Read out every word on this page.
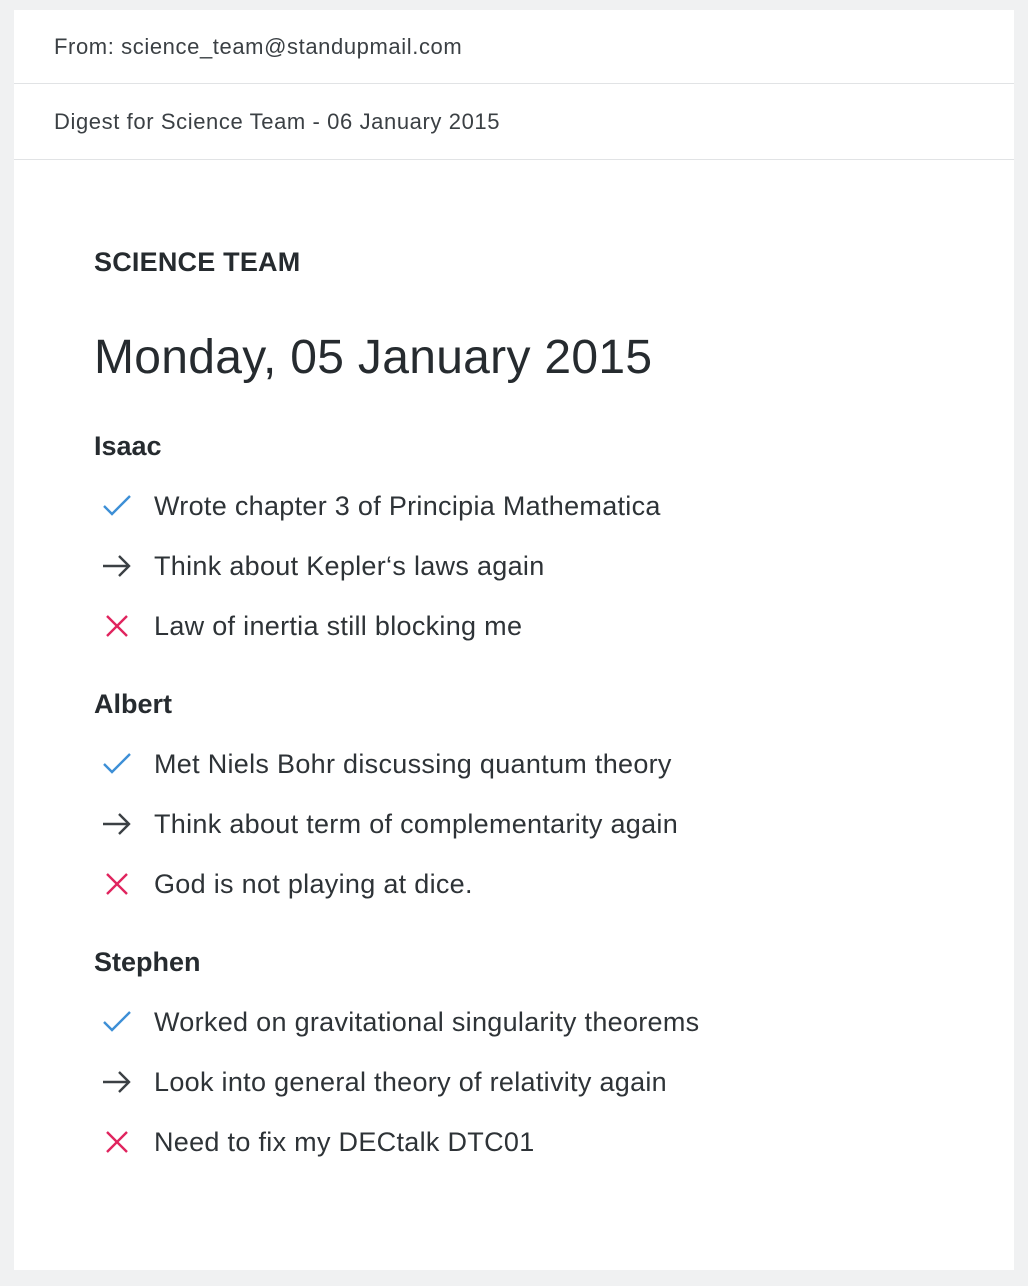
From: science_team@standupmail.com
Digest for Science Team - 06 January 2015
SCIENCE TEAM
Monday, 05 January 2015
Isaac
Wrote chapter 3 of Principia Mathematica
Think about Kepler‘s laws again
Law of inertia still blocking me
Albert
Met Niels Bohr discussing quantum theory
Think about term of complementarity again
God is not playing at dice.
Stephen
Worked on gravitational singularity theorems
Look into general theory of relativity again
Need to fix my DECtalk DTC01
